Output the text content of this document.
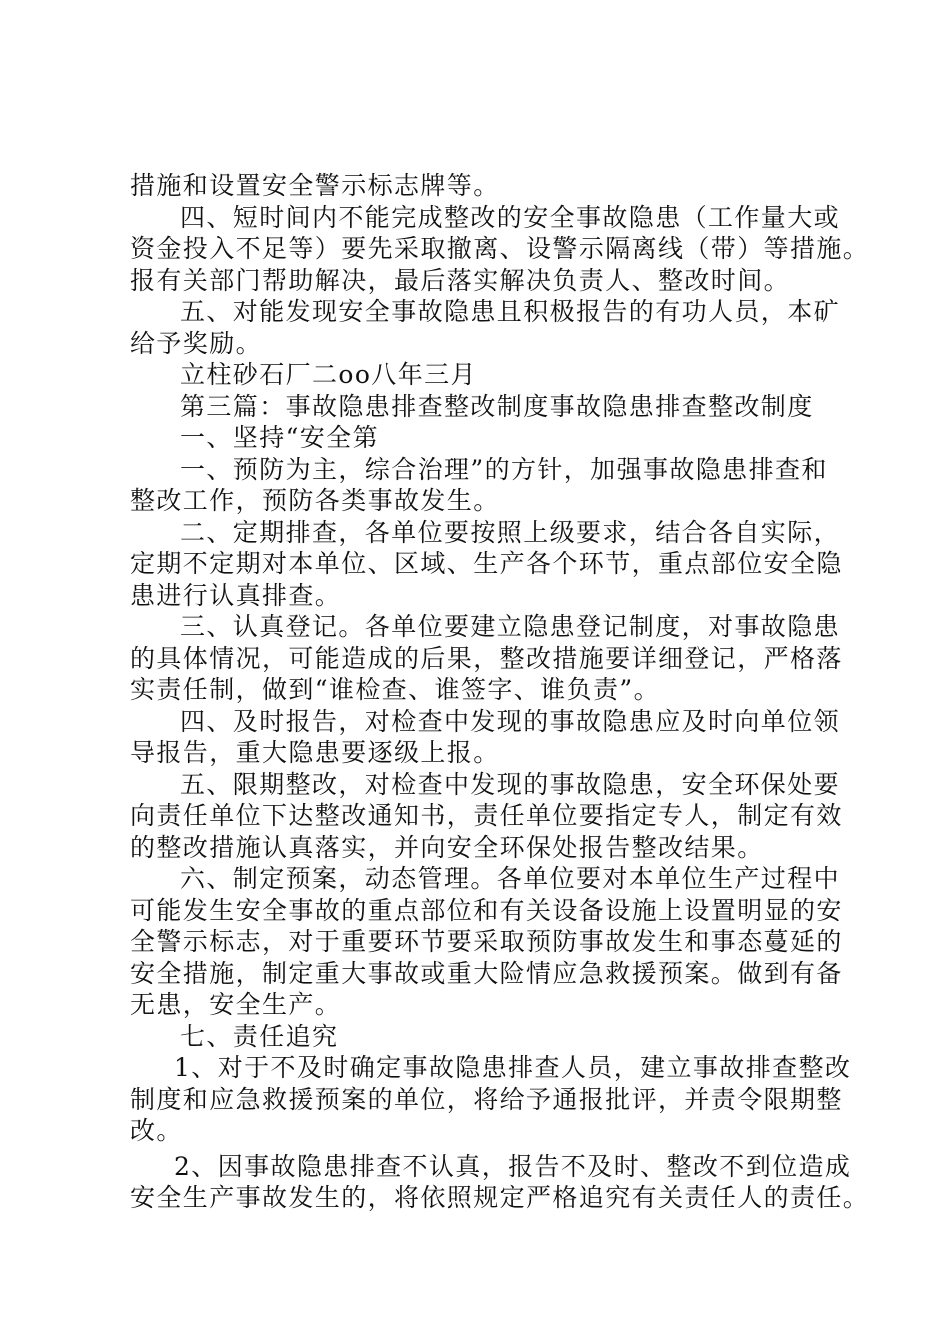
措施和设置安全警示标志牌等。
四、短时间内不能完成整改的安全事故隐患（工作量大或
资金投入不足等）要先采取撤离、设警示隔离线（带）等措施。
报有关部门帮助解决，最后落实解决负责人、整改时间。
五、对能发现安全事故隐患且积极报告的有功人员，本矿
给予奖励。
立柱砂石厂二oo八年三月
第三篇：事故隐患排查整改制度事故隐患排查整改制度
一、坚持“安全第
一、预防为主，综合治理”的方针，加强事故隐患排查和
整改工作，预防各类事故发生。
二、定期排查，各单位要按照上级要求，结合各自实际，
定期不定期对本单位、区域、生产各个环节，重点部位安全隐
患进行认真排查。
三、认真登记。各单位要建立隐患登记制度，对事故隐患
的具体情况，可能造成的后果，整改措施要详细登记，严格落
实责任制，做到“谁检查、谁签字、谁负责”。
四、及时报告，对检查中发现的事故隐患应及时向单位领
导报告，重大隐患要逐级上报。
五、限期整改，对检查中发现的事故隐患，安全环保处要
向责任单位下达整改通知书，责任单位要指定专人，制定有效
的整改措施认真落实，并向安全环保处报告整改结果。
六、制定预案，动态管理。各单位要对本单位生产过程中
可能发生安全事故的重点部位和有关设备设施上设置明显的安
全警示标志，对于重要环节要采取预防事故发生和事态蔓延的
安全措施，制定重大事故或重大险情应急救援预案。做到有备
无患，安全生产。
七、责任追究
1、对于不及时确定事故隐患排查人员，建立事故排查整改
制度和应急救援预案的单位，将给予通报批评，并责令限期整
改。
2、因事故隐患排查不认真，报告不及时、整改不到位造成
安全生产事故发生的，将依照规定严格追究有关责任人的责任。
